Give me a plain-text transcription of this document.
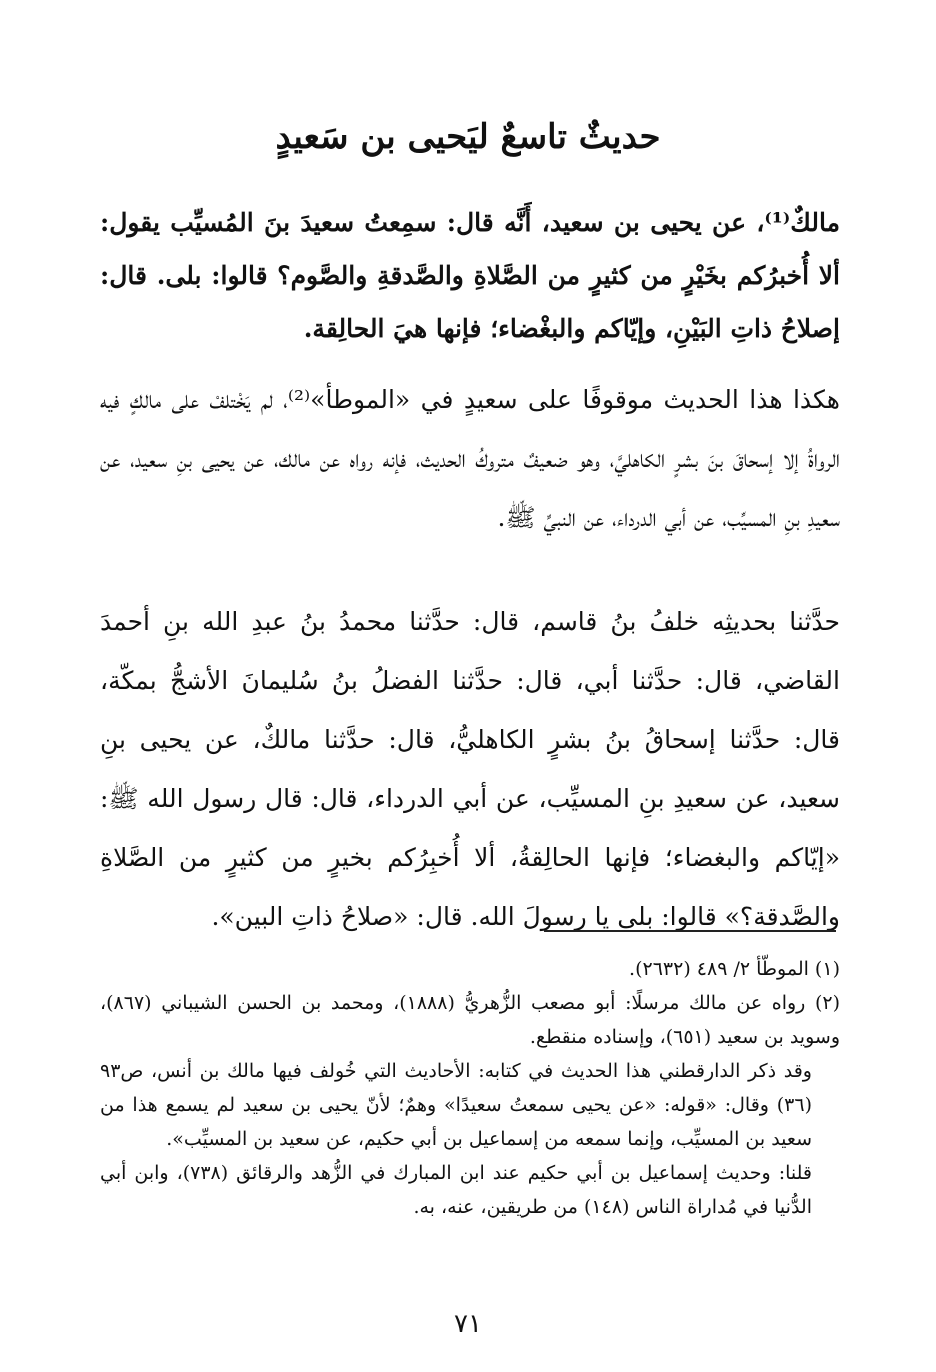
حديثٌ تاسعٌ ليَحيى بن سَعيدٍ

مالكٌ⁽¹⁾، عن يحيى بن سعيد، أَنَّه قال: سمِعتُ سعيدَ بنَ المُسيِّب يقول: ألا أُخبرُكم بخَيْرٍ من كثيرٍ من الصَّلاةِ والصَّدقةِ والصَّوم؟ قالوا: بلى. قال: إصلاحُ ذاتِ البَيْنِ، وإيّاكم والبغْضاء؛ فإنها هيَ الحالِقة.

هكذا هذا الحديث موقوفًا على سعيدٍ في «الموطأ»⁽²⁾، لم يَخْتلفْ على مالكٍ فيه الرواةُ إلا إسحاقَ بنَ بشرٍ الكاهليَّ، وهو ضعيفٌ متروكُ الحديث، فإنه رواه عن مالك، عن يحيى بنِ سعيد، عن سعيدِ بنِ المسيِّب، عن أبي الدرداء، عن النبيِّ ﷺ.

حدَّثنا بحديثِه خلفُ بنُ قاسم، قال: حدَّثنا محمدُ بنُ عبدِ الله بنِ أحمدَ القاضي، قال: حدَّثنا أبي، قال: حدَّثنا الفضلُ بنُ سُليمانَ الأشجُّ بمكّة، قال: حدَّثنا إسحاقُ بنُ بشرٍ الكاهليُّ، قال: حدَّثنا مالكٌ، عن يحيى بنِ سعيد، عن سعيدِ بنِ المسيِّب، عن أبي الدرداء، قال: قال رسول الله ﷺ: «إيّاكم والبغضاء؛ فإنها الحالِقةُ، ألا أُخبِرُكم بخيرٍ من كثيرٍ من الصَّلاةِ والصَّدقة؟» قالوا: بلى يا رسولَ الله. قال: «صلاحُ ذاتِ البين».

(١) الموطّأ ٢/ ٤٨٩ (٢٦٣٢).

(٢) رواه عن مالك مرسلًا: أبو مصعب الزُّهريُّ (١٨٨٨)، ومحمد بن الحسن الشيباني (٨٦٧)، وسويد بن سعيد (٦٥١)، وإسناده منقطع.

وقد ذكر الدارقطني هذا الحديث في كتابه: الأحاديث التي خُولف فيها مالك بن أنس، ص٩٣ (٣٦) وقال: «قوله: «عن يحيى سمعتُ سعيدًا» وهمٌ؛ لأنّ يحيى بن سعيد لم يسمع هذا من سعيد بن المسيِّب، وإنما سمعه من إسماعيل بن أبي حكيم، عن سعيد بن المسيِّب».

قلنا: وحديث إسماعيل بن أبي حكيم عند ابن المبارك في الزُّهد والرقائق (٧٣٨)، وابن أبي الدُّنيا في مُداراة الناس (١٤٨) من طريقين، عنه، به.

٧١
